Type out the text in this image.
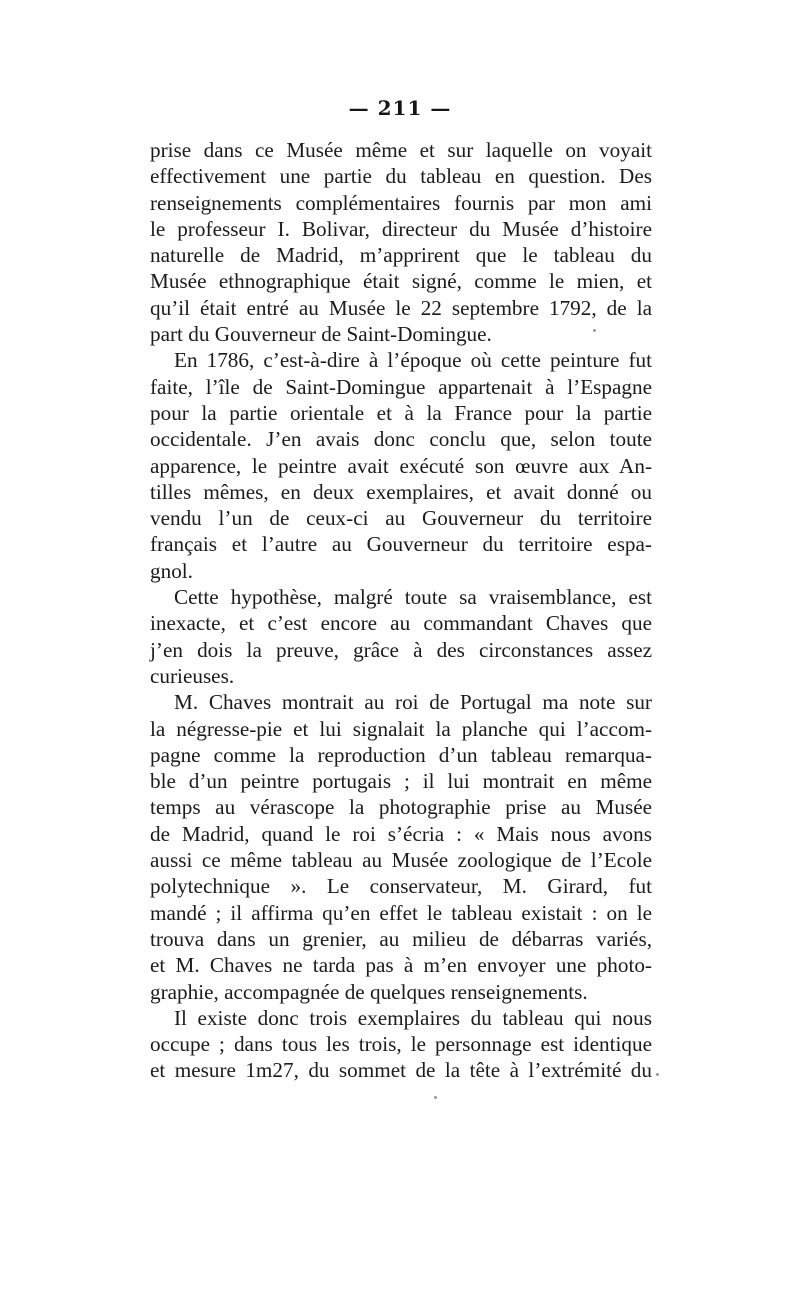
— 211 —
prise dans ce Musée même et sur laquelle on voyait
effectivement une partie du tableau en question. Des
renseignements complémentaires fournis par mon ami
le professeur I. Bolivar, directeur du Musée d’histoire
naturelle de Madrid, m’apprirent que le tableau du
Musée ethnographique était signé, comme le mien, et
qu’il était entré au Musée le 22 septembre 1792, de la
part du Gouverneur de Saint-Domingue.
En 1786, c’est-à-dire à l’époque où cette peinture fut
faite, l’île de Saint-Domingue appartenait à l’Espagne
pour la partie orientale et à la France pour la partie
occidentale. J’en avais donc conclu que, selon toute
apparence, le peintre avait exécuté son œuvre aux An-
tilles mêmes, en deux exemplaires, et avait donné ou
vendu l’un de ceux-ci au Gouverneur du territoire
français et l’autre au Gouverneur du territoire espa-
gnol.
Cette hypothèse, malgré toute sa vraisemblance, est
inexacte, et c’est encore au commandant Chaves que
j’en dois la preuve, grâce à des circonstances assez
curieuses.
M. Chaves montrait au roi de Portugal ma note sur
la négresse-pie et lui signalait la planche qui l’accom-
pagne comme la reproduction d’un tableau remarqua-
ble d’un peintre portugais ; il lui montrait en même
temps au vérascope la photographie prise au Musée
de Madrid, quand le roi s’écria : « Mais nous avons
aussi ce même tableau au Musée zoologique de l’Ecole
polytechnique ». Le conservateur, M. Girard, fut
mandé ; il affirma qu’en effet le tableau existait : on le
trouva dans un grenier, au milieu de débarras variés,
et M. Chaves ne tarda pas à m’en envoyer une photo-
graphie, accompagnée de quelques renseignements.
Il existe donc trois exemplaires du tableau qui nous
occupe ; dans tous les trois, le personnage est identique
et mesure 1m27, du sommet de la tête à l’extrémité du
